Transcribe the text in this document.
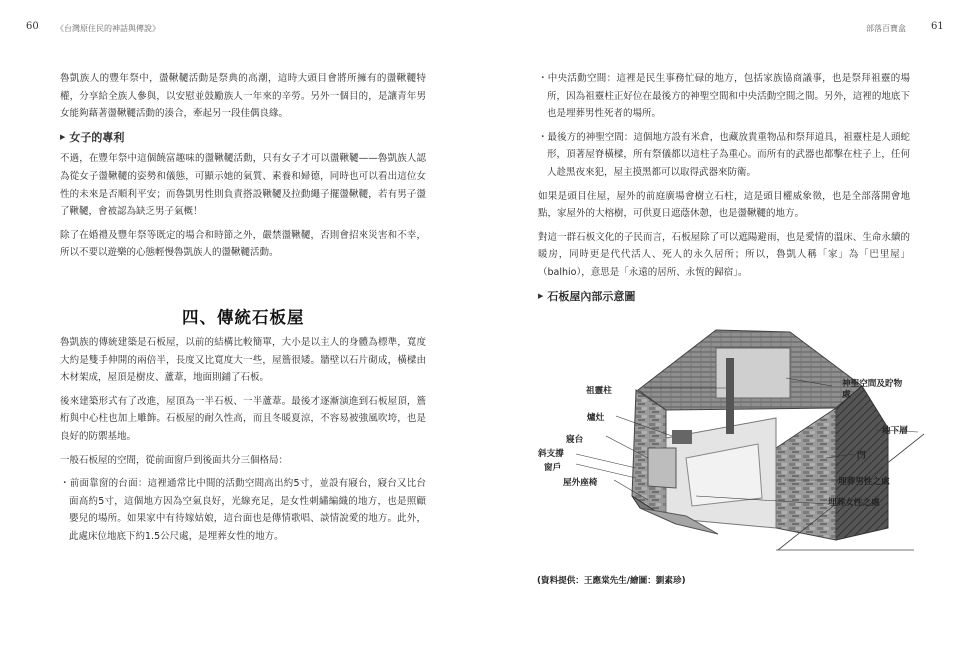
60 《台灣原住民的神話與傳說》	部落百寶盒	61

魯凱族人的豐年祭中，盪鞦韆活動是祭典的高潮，這時大頭目會將所擁有的盪鞦韆特權，分享給全族人參與，以安慰並鼓勵族人一年來的辛勞。另外一個目的，是讓青年男女能夠藉著盪鞦韆活動的湊合，牽起另一段佳偶良緣。

▶ 女子的專利

不過，在豐年祭中這個饒富趣味的盪鞦韆活動，只有女子才可以盪鞦韆——魯凱族人認為從女子盪鞦韆的姿勢和儀態，可顯示她的氣質、素養和婦德，同時也可以看出這位女性的未來是否順利平安；而魯凱男性則負責搭設鞦韆及拉動繩子擺盪鞦韆，若有男子盪了鞦韆，會被認為缺乏男子氣概！

除了在婚禮及豐年祭等既定的場合和時節之外，嚴禁盪鞦韆，否則會招來災害和不幸，所以不要以遊樂的心態輕慢魯凱族人的盪鞦韆活動。

四、傳統石板屋

魯凱族的傳統建築是石板屋，以前的結構比較簡單，大小是以主人的身體為標準，寬度大約是雙手伸開的兩倍半，長度又比寬度大一些，屋簷很矮。牆壁以石片砌成，橫樑由木材架成，屋頂是樹皮、蘆葦，地面則鋪了石板。

後來建築形式有了改進，屋頂為一半石板、一半蘆葦。最後才逐漸演進到石板屋頂，簷桁與中心柱也加上雕飾。石板屋的耐久性高，而且冬暖夏涼，不容易被強風吹垮，也是良好的防禦基地。

一般石板屋的空間，從前面窗戶到後面共分三個格局：

・前面靠窗的台面：這裡通常比中間的活動空間高出約5寸，並設有寢台，寢台又比台面高約5寸，這個地方因為空氣良好，光線充足，是女性刺繡編織的地方，也是照顧嬰兒的場所。如果家中有待嫁姑娘，這台面也是傳情歌唱、談情說愛的地方。此外，此處床位地底下約1.5公尺處，是埋葬女性的地方。

・中央活動空間：這裡是民生事務忙碌的地方，包括家族協商議事，也是祭拜祖靈的場所，因為祖靈柱正好位在最後方的神聖空間和中央活動空間之間。另外，這裡的地底下也是埋葬男性死者的場所。

・最後方的神聖空間：這個地方設有米倉，也藏放貴重物品和祭拜道具，祖靈柱是人頭蛇形，頂著屋脊橫樑，所有祭儀都以這柱子為重心。而所有的武器也都擊在柱子上，任何人趁黑夜來犯，屋主摸黑都可以取得武器來防衛。

如果是頭目住屋，屋外的前庭廣場會樹立石柱，這是頭目權威象徵，也是全部落開會地點，家屋外的大榕樹，可供夏日遮蔭休憩，也是盪鞦韆的地方。

對這一群石板文化的子民而言，石板屋除了可以遮陽避雨，也是愛情的溫床、生命永續的暖房，同時更是代代活人、死人的永久居所；所以，魯凱人稱「家」為「巴里屋」（balhio），意思是「永遠的居所、永恆的歸宿」。

▶ 石板屋內部示意圖
祖靈柱
爐灶
寢台
斜支撐
窗戶
屋外座椅
神聖空間及貯物處
地下層
門
埋葬男性之處
埋葬女性之處
(資料提供：王應棠先生/繪圖：劉素珍)
